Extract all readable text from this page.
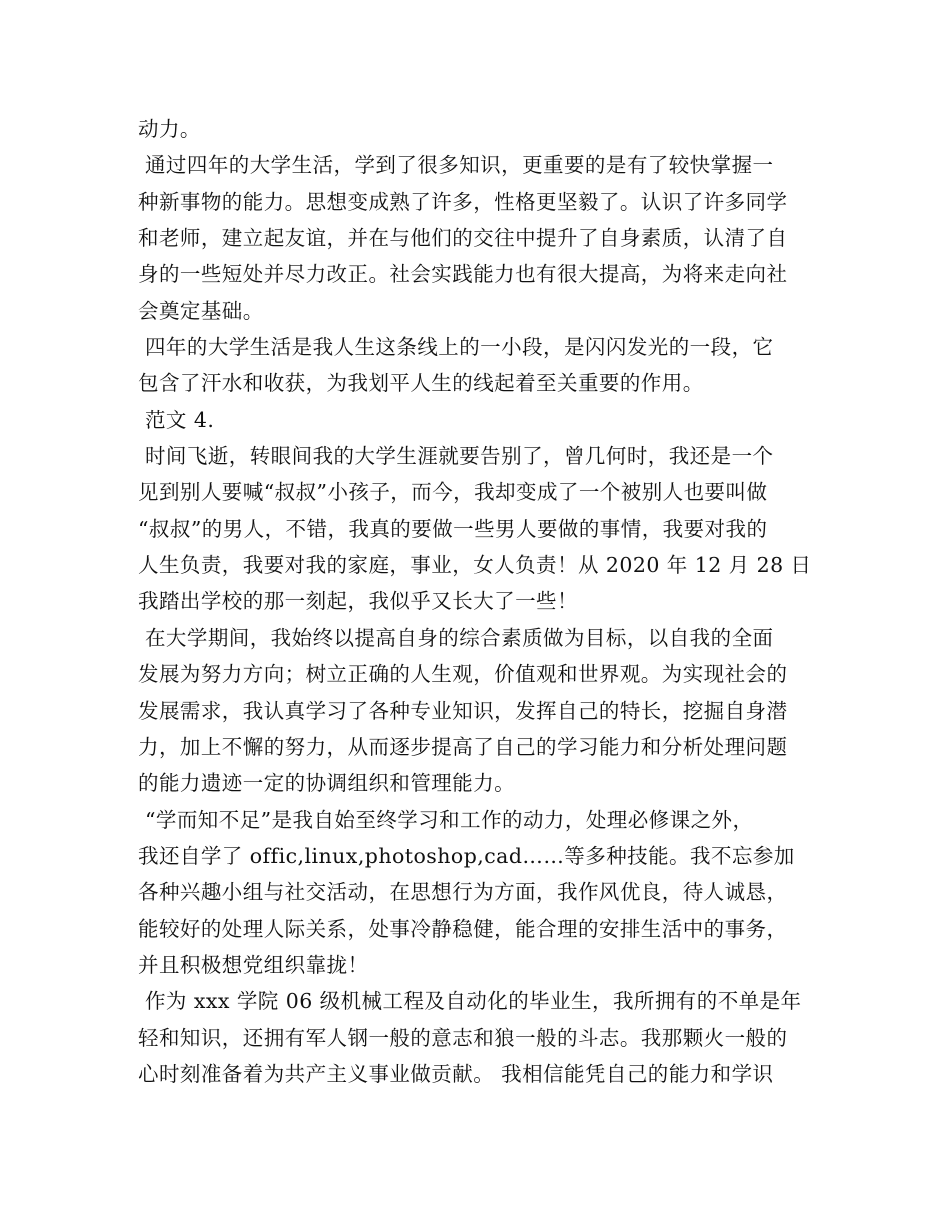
动力。
通过四年的大学生活，学到了很多知识，更重要的是有了较快掌握一
种新事物的能力。思想变成熟了许多，性格更坚毅了。认识了许多同学
和老师，建立起友谊，并在与他们的交往中提升了自身素质，认清了自
身的一些短处并尽力改正。社会实践能力也有很大提高，为将来走向社
会奠定基础。
四年的大学生活是我人生这条线上的一小段，是闪闪发光的一段，它
包含了汗水和收获，为我划平人生的线起着至关重要的作用。
范文 4.
时间飞逝，转眼间我的大学生涯就要告别了，曾几何时，我还是一个
见到别人要喊“叔叔”小孩子，而今，我却变成了一个被别人也要叫做
“叔叔”的男人，不错，我真的要做一些男人要做的事情，我要对我的
人生负责，我要对我的家庭，事业，女人负责！从 2020 年 12 月 28 日
我踏出学校的那一刻起，我似乎又长大了一些！
在大学期间，我始终以提高自身的综合素质做为目标，以自我的全面
发展为努力方向；树立正确的人生观，价值观和世界观。为实现社会的
发展需求，我认真学习了各种专业知识，发挥自己的特长，挖掘自身潜
力，加上不懈的努力，从而逐步提高了自己的学习能力和分析处理问题
的能力遗迹一定的协调组织和管理能力。
“学而知不足”是我自始至终学习和工作的动力，处理必修课之外，
我还自学了 offic,linux,photoshop,cad……等多种技能。我不忘参加
各种兴趣小组与社交活动，在思想行为方面，我作风优良，待人诚恳，
能较好的处理人际关系，处事冷静稳健，能合理的安排生活中的事务，
并且积极想党组织靠拢！
作为 xxx 学院 06 级机械工程及自动化的毕业生，我所拥有的不单是年
轻和知识，还拥有军人钢一般的意志和狼一般的斗志。我那颗火一般的
心时刻准备着为共产主义事业做贡献。 我相信能凭自己的能力和学识
